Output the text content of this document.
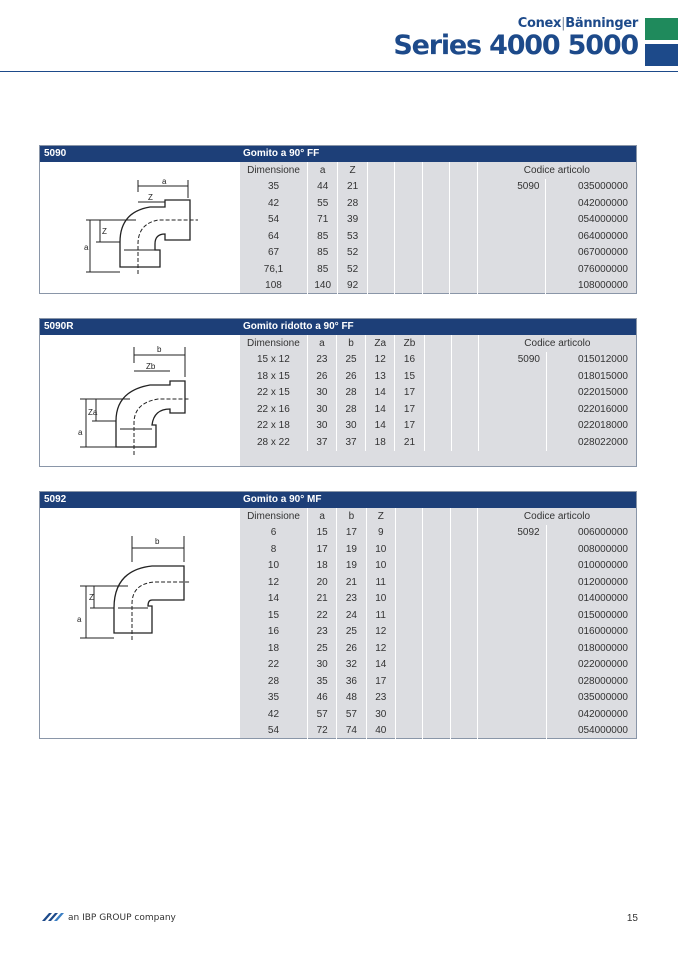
Conex|Bänninger
Series 4000 5000
5090	Gomito a 90° FF
a
Z
Z
a
Dimensione	a	Z					Codice articolo	
35	44	21					5090	035000000
42	55	28						042000000
54	71	39						054000000
64	85	53						064000000
67	85	52						067000000
76,1	85	52						076000000
108	140	92						108000000
5090R	Gomito ridotto a 90° FF
b
Zb
Za
a
Dimensione	a	b	Za	Zb			Codice articolo	
15 x 12	23	25	12	16			5090	015012000
18 x 15	26	26	13	15				018015000
22 x 15	30	28	14	17				022015000
22 x 16	30	28	14	17				022016000
22 x 18	30	30	14	17				022018000
28 x 22	37	37	18	21				028022000
5092	Gomito a 90° MF
b
Z
a
Dimensione	a	b	Z				Codice articolo	
6	15	17	9				5092	006000000
8	17	19	10					008000000
10	18	19	10					010000000
12	20	21	11					012000000
14	21	23	10					014000000
15	22	24	11					015000000
16	23	25	12					016000000
18	25	26	12					018000000
22	30	32	14					022000000
28	35	36	17					028000000
35	46	48	23					035000000
42	57	57	30					042000000
54	72	74	40					054000000
an IBP GROUP company	15
